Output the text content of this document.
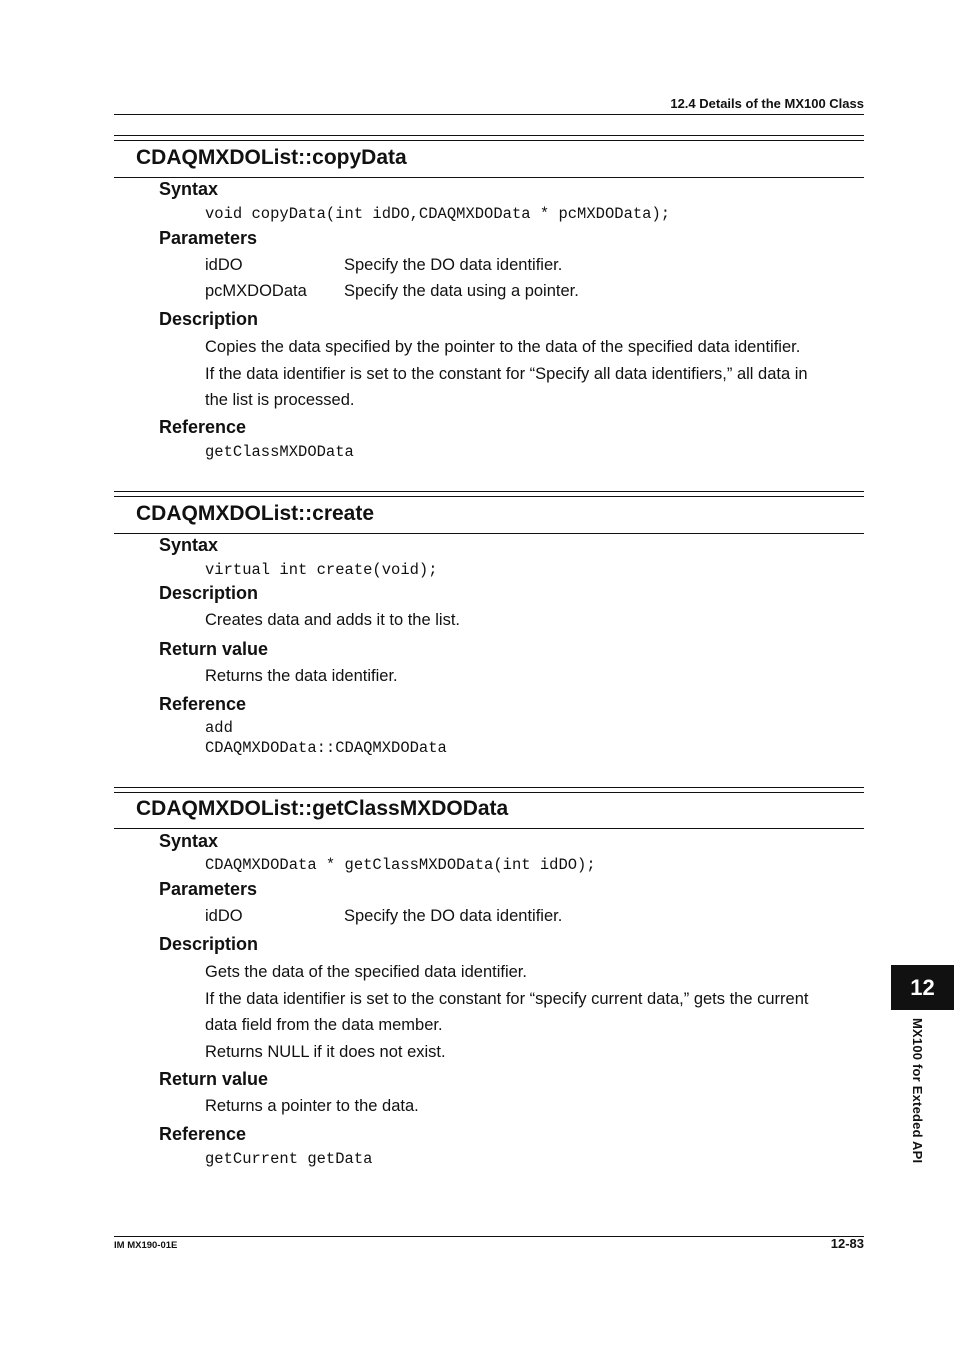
12.4 Details of the MX100 Class
CDAQMXDOList::copyData
Syntax
void copyData(int idDO,CDAQMXDOData * pcMXDOData);
Parameters
idDO	Specify the DO data identifier.
pcMXDOData Specify the data using a pointer.
Description
Copies the data specified by the pointer to the data of the specified data identifier.
If the data identifier is set to the constant for “Specify all data identifiers,” all data in
the list is processed.
Reference
getClassMXDOData
CDAQMXDOList::create
Syntax
virtual int create(void);
Description
Creates data and adds it to the list.
Return value
Returns the data identifier.
Reference
add
CDAQMXDOData::CDAQMXDOData
CDAQMXDOList::getClassMXDOData
Syntax
CDAQMXDOData * getClassMXDOData(int idDO);
Parameters
idDO	Specify the DO data identifier.
Description
Gets the data of the specified data identifier.
If the data identifier is set to the constant for “specify current data,” gets the current
data field from the data member.
Returns NULL if it does not exist.
Return value
Returns a pointer to the data.
Reference
getCurrent getData
12
MX100 for Exteded API
IM MX190-01E	12-83
